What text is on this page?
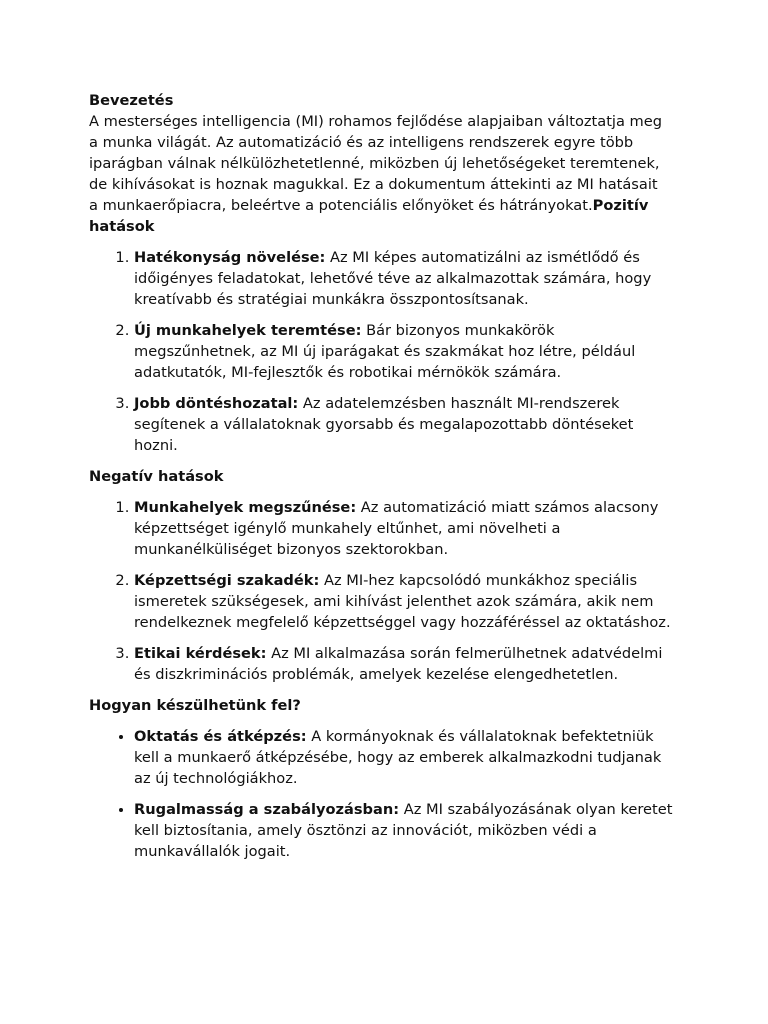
Bevezetés

A mesterséges intelligencia (MI) rohamos fejlődése alapjaiban változtatja meg a munka világát. Az automatizáció és az intelligens rendszerek egyre több iparágban válnak nélkülözhetetlenné, miközben új lehetőségeket teremtenek, de kihívásokat is hoznak magukkal. Ez a dokumentum áttekinti az MI hatásait a munkaerőpiacra, beleértve a potenciális előnyöket és hátrányokat.Pozitív hatások

1. Hatékonyság növelése: Az MI képes automatizálni az ismétlődő és időigényes feladatokat, lehetővé téve az alkalmazottak számára, hogy kreatívabb és stratégiai munkákra összpontosítsanak.
2. Új munkahelyek teremtése: Bár bizonyos munkakörök megszűnhetnek, az MI új iparágakat és szakmákat hoz létre, például adatkutatók, MI-fejlesztők és robotikai mérnökök számára.
3. Jobb döntéshozatal: Az adatelemzésben használt MI-rendszerek segítenek a vállalatoknak gyorsabb és megalapozottabb döntéseket hozni.
Negatív hatások
1. Munkahelyek megszűnése: Az automatizáció miatt számos alacsony képzettséget igénylő munkahely eltűnhet, ami növelheti a munkanélküliséget bizonyos szektorokban.
2. Képzettségi szakadék: Az MI-hez kapcsolódó munkákhoz speciális ismeretek szükségesek, ami kihívást jelenthet azok számára, akik nem rendelkeznek megfelelő képzettséggel vagy hozzáféréssel az oktatáshoz.
3. Etikai kérdések: Az MI alkalmazása során felmerülhetnek adatvédelmi és diszkriminációs problémák, amelyek kezelése elengedhetetlen.
Hogyan készülhetünk fel?
• Oktatás és átképzés: A kormányoknak és vállalatoknak befektetniük kell a munkaerő átképzésébe, hogy az emberek alkalmazkodni tudjanak az új technológiákhoz.
• Rugalmasság a szabályozásban: Az MI szabályozásának olyan keretet kell biztosítania, amely ösztönzi az innovációt, miközben védi a munkavállalók jogait.
